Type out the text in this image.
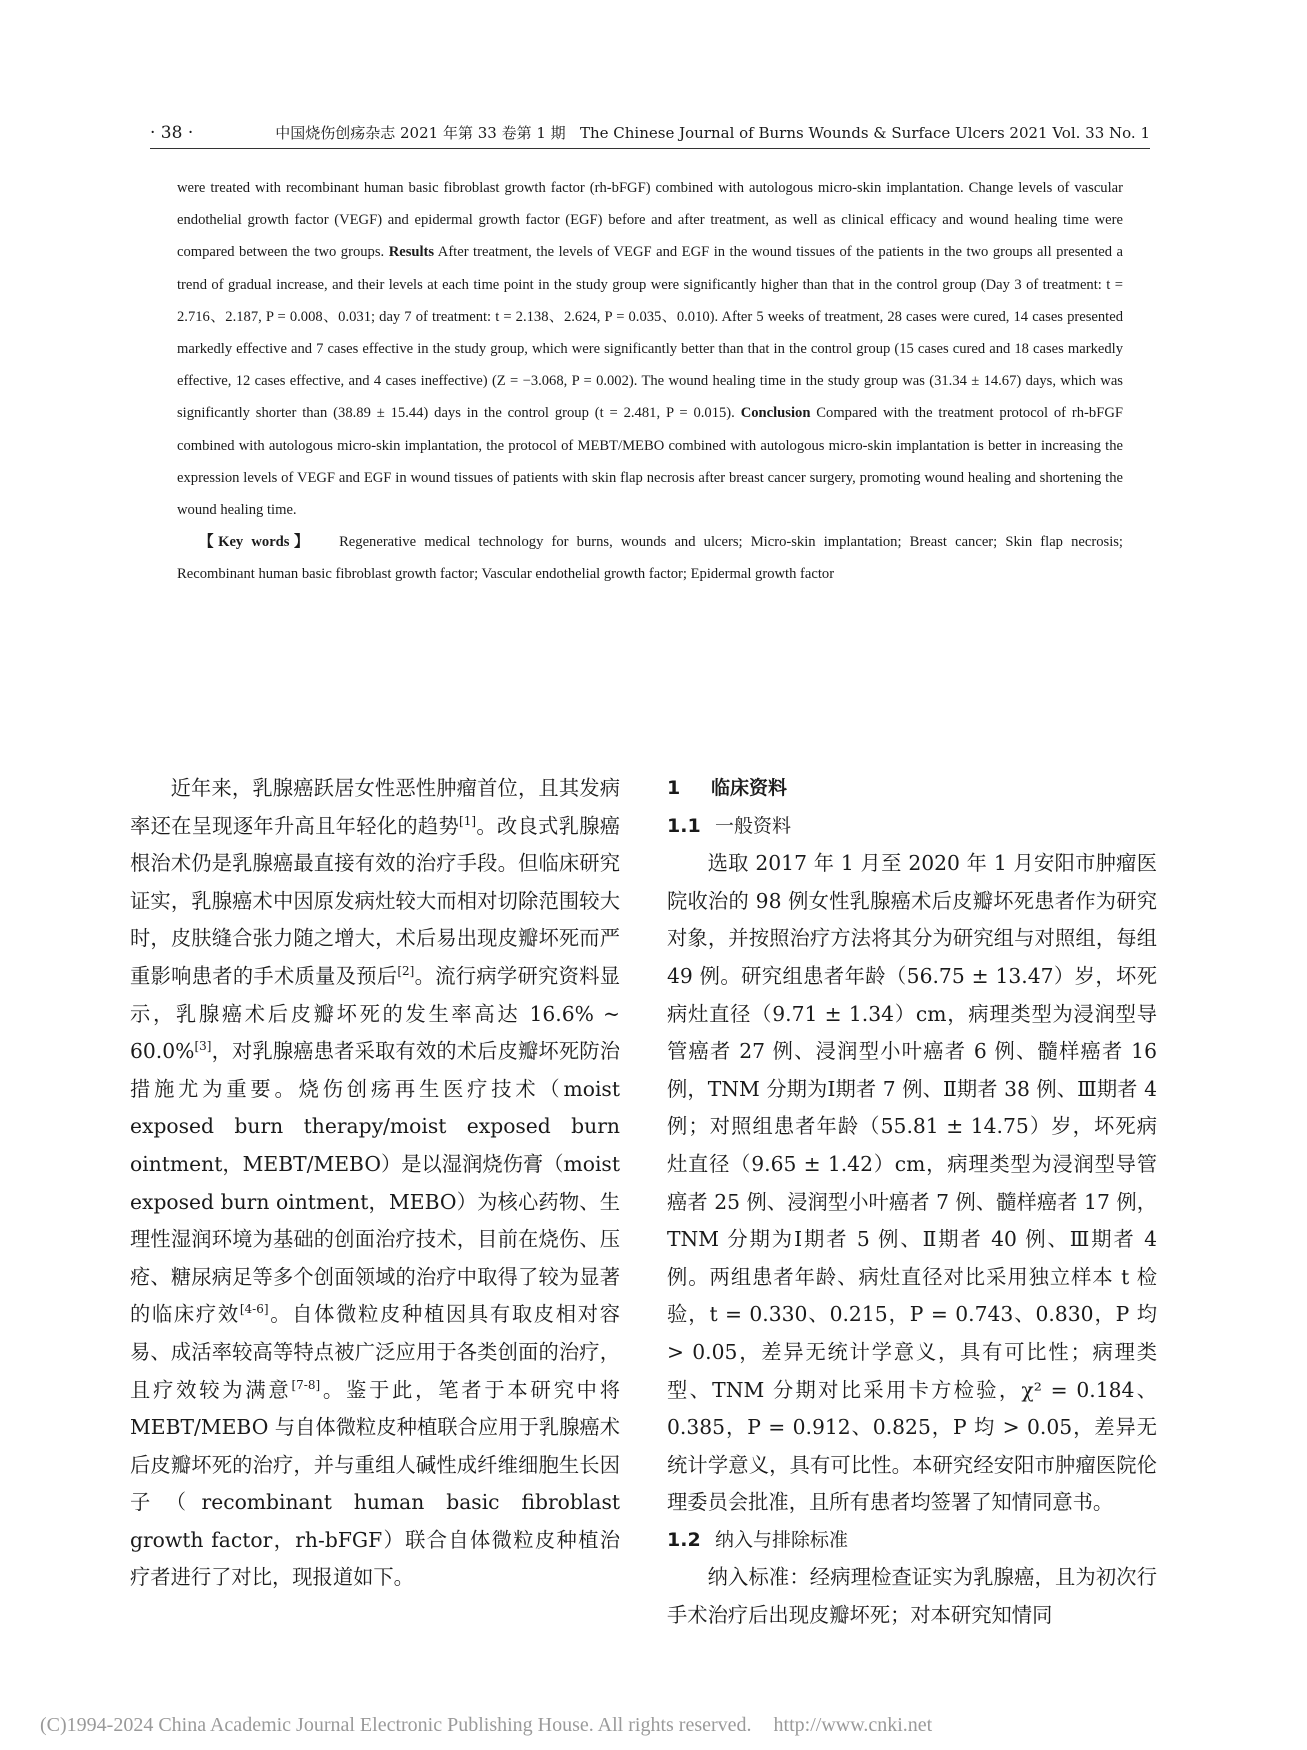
· 38 ·	中国烧伤创疡杂志 2021 年第 33 卷第 1 期 The Chinese Journal of Burns Wounds & Surface Ulcers 2021 Vol. 33 No. 1

were treated with recombinant human basic fibroblast growth factor (rh-bFGF) combined with autologous micro-skin implantation. Change levels of vascular endothelial growth factor (VEGF) and epidermal growth factor (EGF) before and after treatment, as well as clinical efficacy and wound healing time were compared between the two groups. Results After treatment, the levels of VEGF and EGF in the wound tissues of the patients in the two groups all presented a trend of gradual increase, and their levels at each time point in the study group were significantly higher than that in the control group (Day 3 of treatment: t = 2.716、2.187, P = 0.008、0.031; day 7 of treatment: t = 2.138、2.624, P = 0.035、0.010). After 5 weeks of treatment, 28 cases were cured, 14 cases presented markedly effective and 7 cases effective in the study group, which were significantly better than that in the control group (15 cases cured and 18 cases markedly effective, 12 cases effective, and 4 cases ineffective) (Z = −3.068, P = 0.002). The wound healing time in the study group was (31.34 ± 14.67) days, which was significantly shorter than (38.89 ± 15.44) days in the control group (t = 2.481, P = 0.015). Conclusion Compared with the treatment protocol of rh-bFGF combined with autologous micro-skin implantation, the protocol of MEBT/MEBO combined with autologous micro-skin implantation is better in increasing the expression levels of VEGF and EGF in wound tissues of patients with skin flap necrosis after breast cancer surgery, promoting wound healing and shortening the wound healing time.

【Key words】 Regenerative medical technology for burns, wounds and ulcers; Micro-skin implantation; Breast cancer; Skin flap necrosis; Recombinant human basic fibroblast growth factor; Vascular endothelial growth factor; Epidermal growth factor

近年来，乳腺癌跃居女性恶性肿瘤首位，且其发病率还在呈现逐年升高且年轻化的趋势[1]。改良式乳腺癌根治术仍是乳腺癌最直接有效的治疗手段。但临床研究证实，乳腺癌术中因原发病灶较大而相对切除范围较大时，皮肤缝合张力随之增大，术后易出现皮瓣坏死而严重影响患者的手术质量及预后[2]。流行病学研究资料显示，乳腺癌术后皮瓣坏死的发生率高达 16.6% ~ 60.0%[3]，对乳腺癌患者采取有效的术后皮瓣坏死防治措施尤为重要。烧伤创疡再生医疗技术（moist exposed burn therapy/moist exposed burn ointment，MEBT/MEBO）是以湿润烧伤膏（moist exposed burn ointment，MEBO）为核心药物、生理性湿润环境为基础的创面治疗技术，目前在烧伤、压疮、糖尿病足等多个创面领域的治疗中取得了较为显著的临床疗效[4-6]。自体微粒皮种植因具有取皮相对容易、成活率较高等特点被广泛应用于各类创面的治疗，且疗效较为满意[7-8]。鉴于此，笔者于本研究中将 MEBT/MEBO 与自体微粒皮种植联合应用于乳腺癌术后皮瓣坏死的治疗，并与重组人碱性成纤维细胞生长因子（recombinant human basic fibroblast growth factor，rh-bFGF）联合自体微粒皮种植治疗者进行了对比，现报道如下。

1 临床资料

1.1 一般资料

选取 2017 年 1 月至 2020 年 1 月安阳市肿瘤医院收治的 98 例女性乳腺癌术后皮瓣坏死患者作为研究对象，并按照治疗方法将其分为研究组与对照组，每组 49 例。研究组患者年龄（56.75 ± 13.47）岁，坏死病灶直径（9.71 ± 1.34）cm，病理类型为浸润型导管癌者 27 例、浸润型小叶癌者 6 例、髓样癌者 16 例，TNM 分期为Ⅰ期者 7 例、Ⅱ期者 38 例、Ⅲ期者 4 例；对照组患者年龄（55.81 ± 14.75）岁，坏死病灶直径（9.65 ± 1.42）cm，病理类型为浸润型导管癌者 25 例、浸润型小叶癌者 7 例、髓样癌者 17 例，TNM 分期为Ⅰ期者 5 例、Ⅱ期者 40 例、Ⅲ期者 4 例。两组患者年龄、病灶直径对比采用独立样本 t 检验，t = 0.330、0.215，P = 0.743、0.830，P 均 > 0.05，差异无统计学意义，具有可比性；病理类型、TNM 分期对比采用卡方检验，χ² = 0.184、0.385，P = 0.912、0.825，P 均 > 0.05，差异无统计学意义，具有可比性。本研究经安阳市肿瘤医院伦理委员会批准，且所有患者均签署了知情同意书。

1.2 纳入与排除标准

纳入标准：经病理检查证实为乳腺癌，且为初次行手术治疗后出现皮瓣坏死；对本研究知情同

(C)1994-2024 China Academic Journal Electronic Publishing House. All rights reserved. http://www.cnki.net
